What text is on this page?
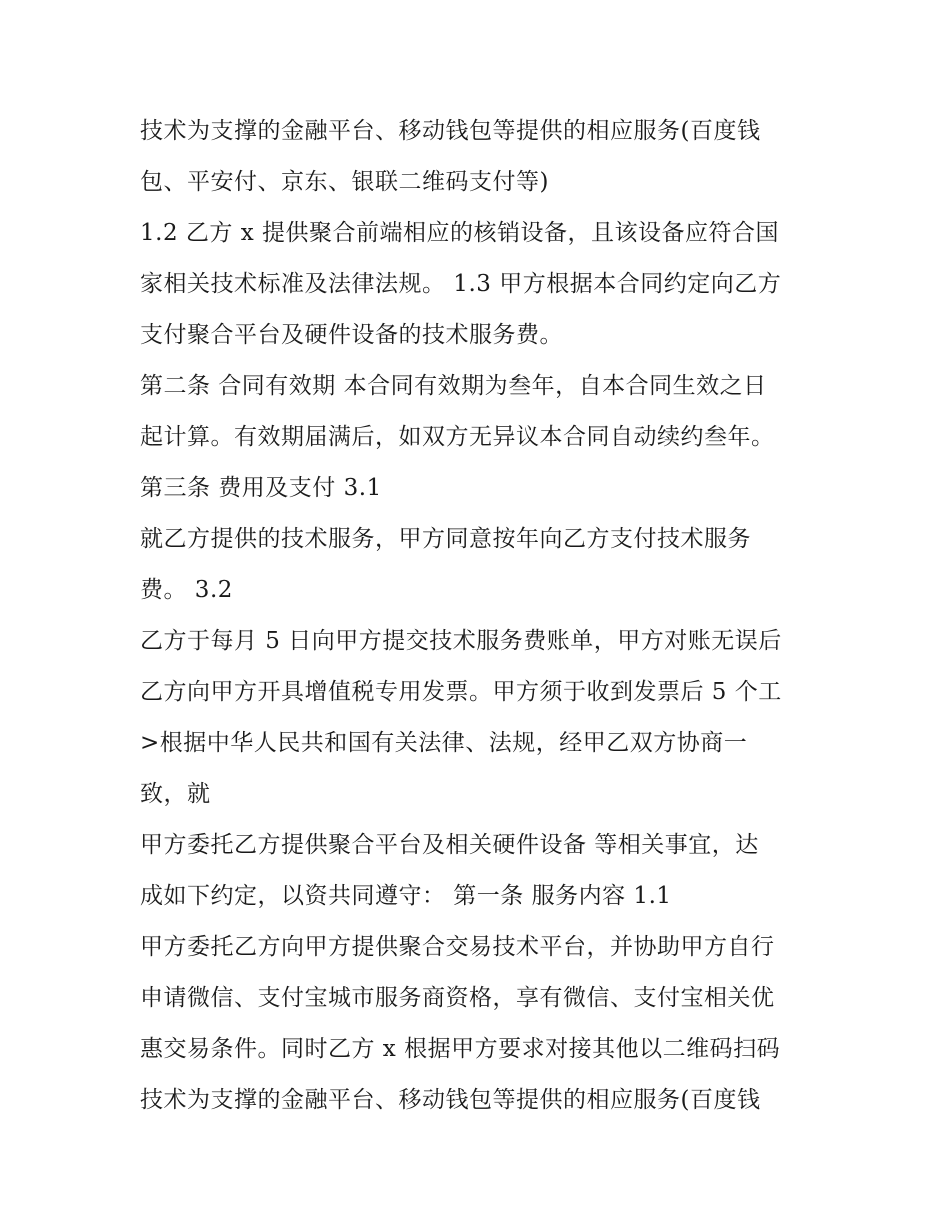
技术为支撑的金融平台、移动钱包等提供的相应服务(百度钱
包、平安付、京东、银联二维码支付等)
1.2 乙方 x 提供聚合前端相应的核销设备，且该设备应符合国
家相关技术标准及法律法规。 1.3 甲方根据本合同约定向乙方
支付聚合平台及硬件设备的技术服务费。
第二条 合同有效期 本合同有效期为叁年，自本合同生效之日
起计算。有效期届满后，如双方无异议本合同自动续约叁年。
第三条 费用及支付 3.1
就乙方提供的技术服务，甲方同意按年向乙方支付技术服务
费。 3.2
乙方于每月 5 日向甲方提交技术服务费账单，甲方对账无误后
乙方向甲方开具增值税专用发票。甲方须于收到发票后 5 个工
>根据中华人民共和国有关法律、法规，经甲乙双方协商一
致，就
甲方委托乙方提供聚合平台及相关硬件设备 等相关事宜，达
成如下约定，以资共同遵守： 第一条 服务内容 1.1
甲方委托乙方向甲方提供聚合交易技术平台，并协助甲方自行
申请微信、支付宝城市服务商资格，享有微信、支付宝相关优
惠交易条件。同时乙方 x 根据甲方要求对接其他以二维码扫码
技术为支撑的金融平台、移动钱包等提供的相应服务(百度钱
